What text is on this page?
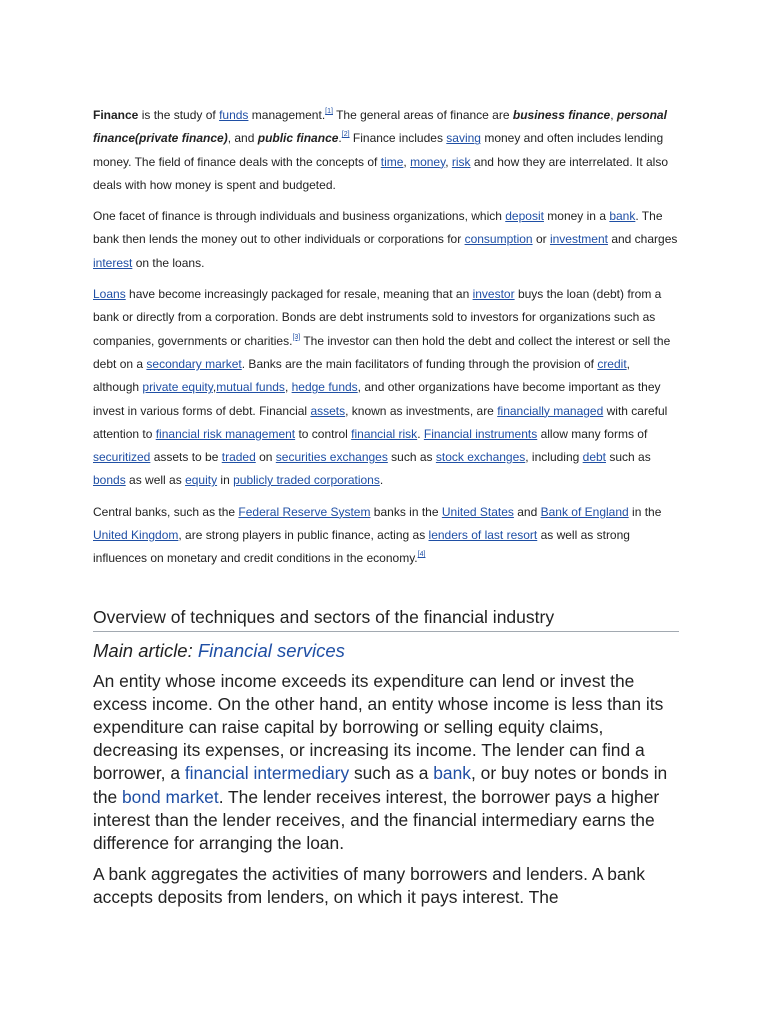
Finance is the study of funds management.[1] The general areas of finance are business finance, personal finance(private finance), and public finance.[2] Finance includes saving money and often includes lending money. The field of finance deals with the concepts of time, money, risk and how they are interrelated. It also deals with how money is spent and budgeted.

One facet of finance is through individuals and business organizations, which deposit money in a bank. The bank then lends the money out to other individuals or corporations for consumption or investment and charges interest on the loans.

Loans have become increasingly packaged for resale, meaning that an investor buys the loan (debt) from a bank or directly from a corporation. Bonds are debt instruments sold to investors for organizations such as companies, governments or charities.[3] The investor can then hold the debt and collect the interest or sell the debt on a secondary market. Banks are the main facilitators of funding through the provision of credit, although private equity,mutual funds, hedge funds, and other organizations have become important as they invest in various forms of debt. Financial assets, known as investments, are financially managed with careful attention to financial risk management to control financial risk. Financial instruments allow many forms of securitized assets to be traded on securities exchanges such as stock exchanges, including debt such as bonds as well as equity in publicly traded corporations.

Central banks, such as the Federal Reserve System banks in the United States and Bank of England in the United Kingdom, are strong players in public finance, acting as lenders of last resort as well as strong influences on monetary and credit conditions in the economy.[4]

Overview of techniques and sectors of the financial industry
Main article: Financial services

An entity whose income exceeds its expenditure can lend or invest the excess income. On the other hand, an entity whose income is less than its expenditure can raise capital by borrowing or selling equity claims, decreasing its expenses, or increasing its income. The lender can find a borrower, a financial intermediary such as a bank, or buy notes or bonds in the bond market. The lender receives interest, the borrower pays a higher interest than the lender receives, and the financial intermediary earns the difference for arranging the loan.

A bank aggregates the activities of many borrowers and lenders. A bank accepts deposits from lenders, on which it pays interest. The
